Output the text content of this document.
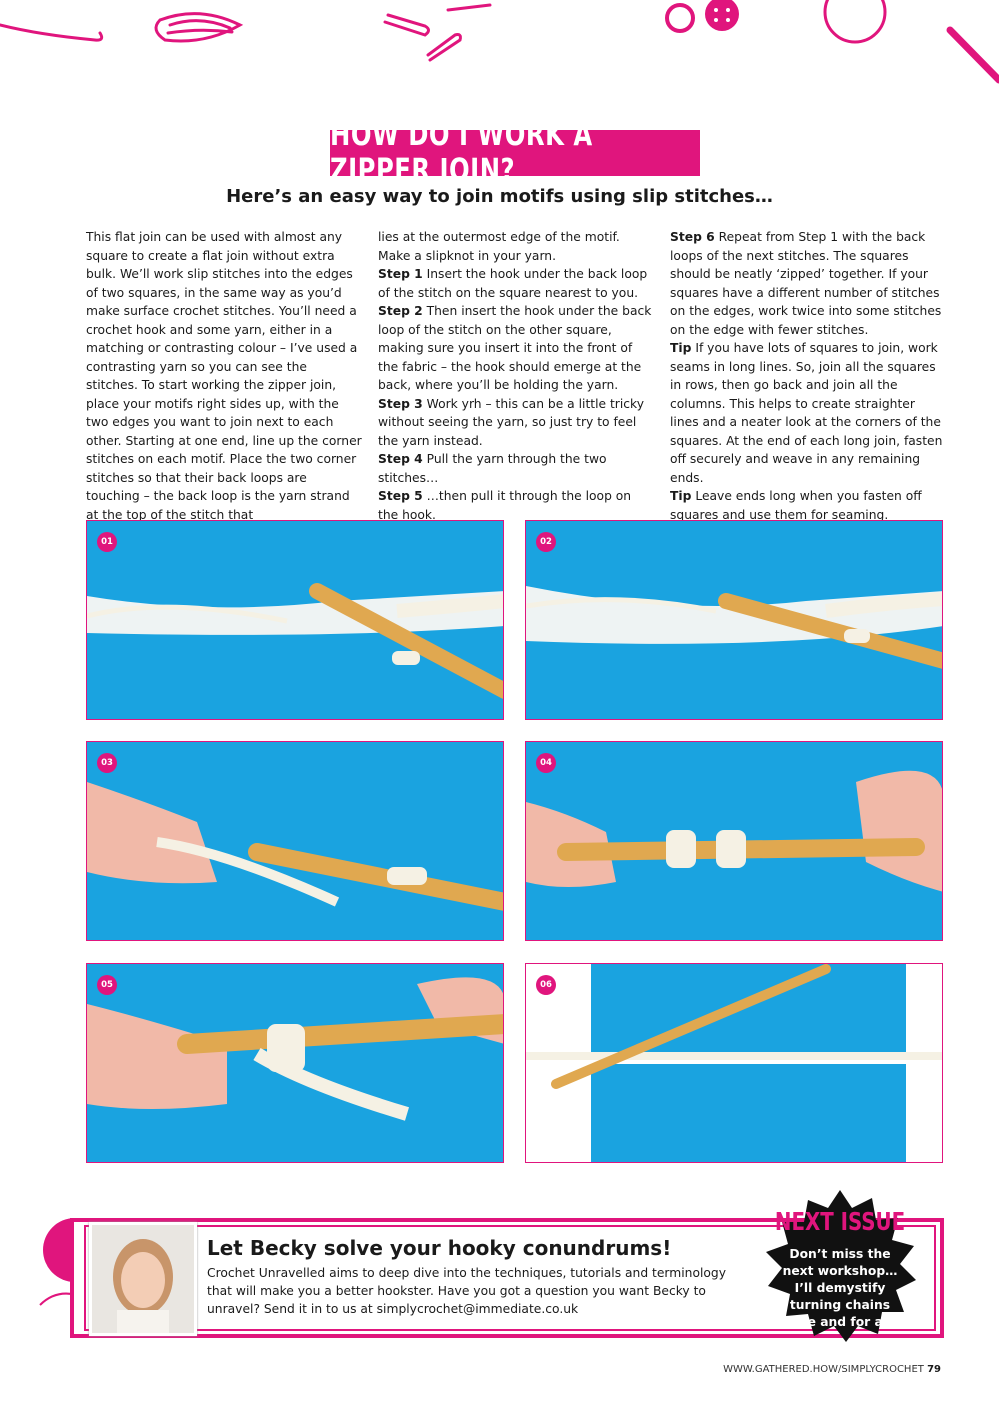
HOW DO I WORK A ZIPPER JOIN?
Here’s an easy way to join motifs using slip stitches…

This flat join can be used with almost any square to create a flat join without extra bulk. We’ll work slip stitches into the edges of two squares, in the same way as you’d make surface crochet stitches. You’ll need a crochet hook and some yarn, either in a matching or contrasting colour – I’ve used a contrasting yarn so you can see the stitches. To start working the zipper join, place your motifs right sides up, with the two edges you want to join next to each other. Starting at one end, line up the corner stitches on each motif. Place the two corner stitches so that their back loops are touching – the back loop is the yarn strand at the top of the stitch that

lies at the outermost edge of the motif. Make a slipknot in your yarn.

Step 1 Insert the hook under the back loop of the stitch on the square nearest to you.

Step 2 Then insert the hook under the back loop of the stitch on the other square, making sure you insert it into the front of the fabric – the hook should emerge at the back, where you’ll be holding the yarn.

Step 3 Work yrh – this can be a little tricky without seeing the yarn, so just try to feel the yarn instead.

Step 4 Pull the yarn through the two stitches…

Step 5 …then pull it through the loop on the hook.

Step 6 Repeat from Step 1 with the back loops of the next stitches. The squares should be neatly ‘zipped’ together. If your squares have a different number of stitches on the edges, work twice into some stitches on the edge with fewer stitches.

Tip If you have lots of squares to join, work seams in long lines. So, join all the squares in rows, then go back and join all the columns. This helps to create straighter lines and a neater look at the corners of the squares. At the end of each long join, fasten off securely and weave in any remaining ends.

Tip Leave ends long when you fasten off squares and use them for seaming.

01	02
03	04
05	06
Let Becky solve your hooky conundrums!
Crochet Unravelled aims to deep dive into the techniques, tutorials and terminology that will make you a better hookster. Have you got a question you want Becky to unravel? Send it in to us at simplycrochet@immediate.co.uk
NEXT ISSUE
Don’t miss the next workshop… I’ll demystify turning chains once and for all!
WWW.GATHERED.HOW/SIMPLYCROCHET 79
